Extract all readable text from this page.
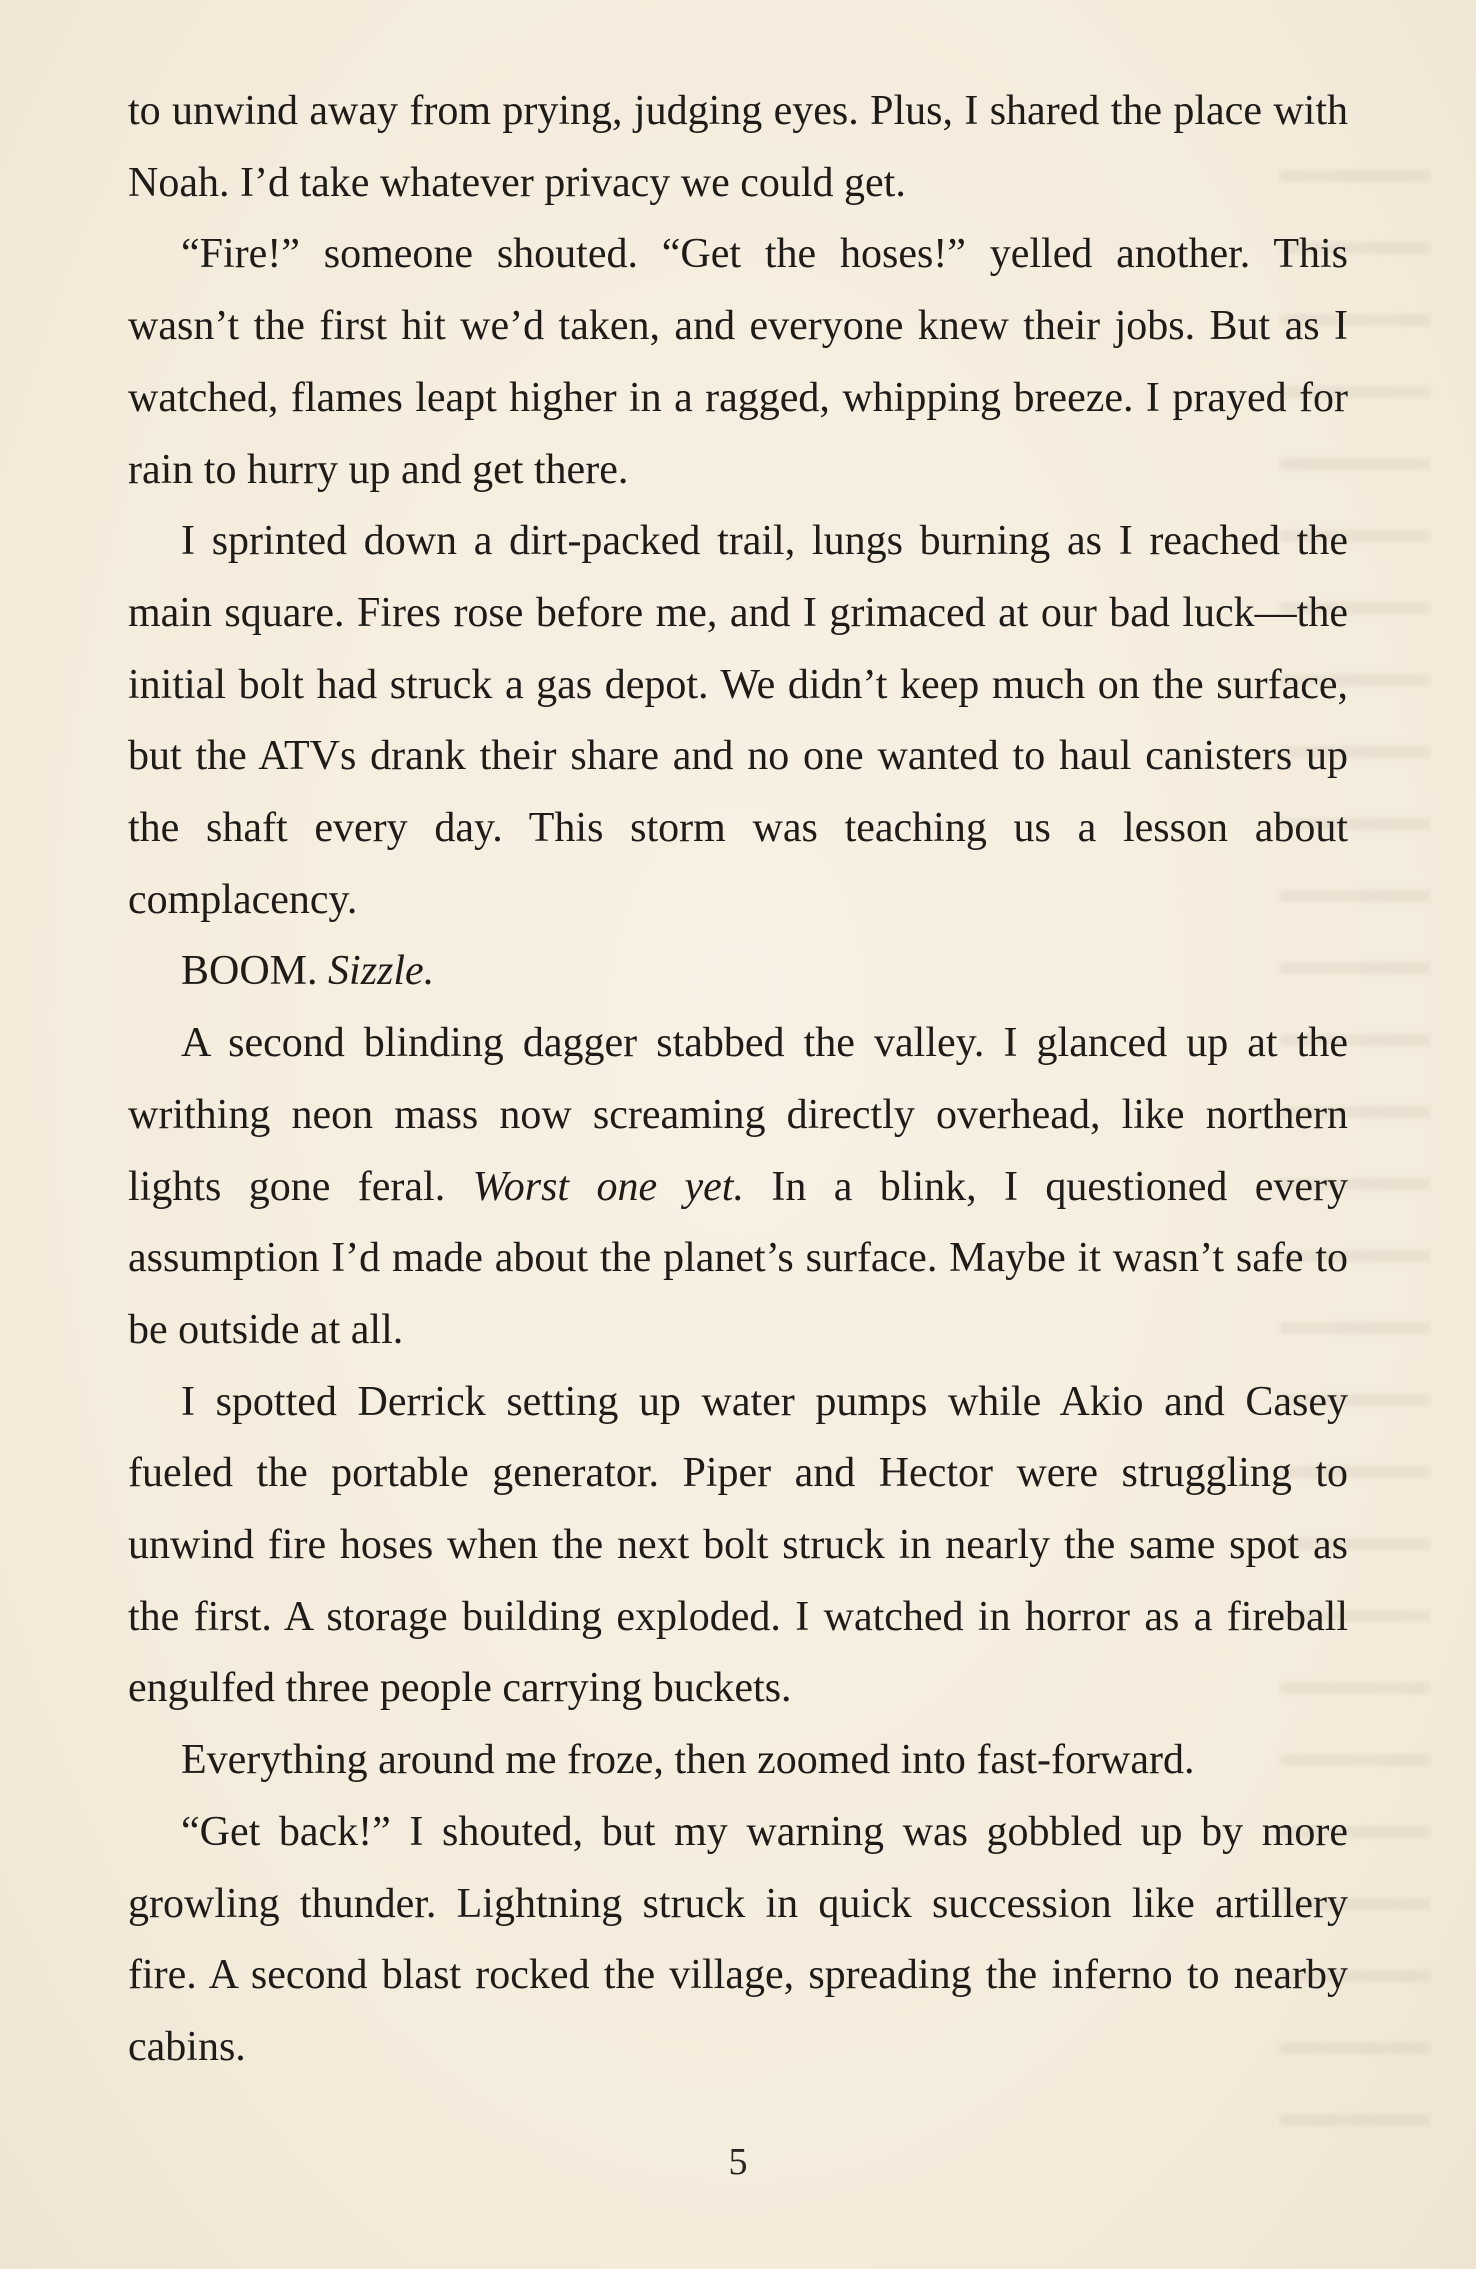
to unwind away from prying, judging eyes. Plus, I shared the place with Noah. I’d take whatever privacy we could get.

“Fire!” someone shouted. “Get the hoses!” yelled another. This wasn’t the first hit we’d taken, and everyone knew their jobs. But as I watched, flames leapt higher in a ragged, whipping breeze. I prayed for rain to hurry up and get there.

I sprinted down a dirt-packed trail, lungs burning as I reached the main square. Fires rose before me, and I grimaced at our bad luck—the initial bolt had struck a gas depot. We didn’t keep much on the surface, but the ATVs drank their share and no one wanted to haul canisters up the shaft every day. This storm was teaching us a lesson about complacency.

BOOM. Sizzle.

A second blinding dagger stabbed the valley. I glanced up at the writhing neon mass now screaming directly overhead, like northern lights gone feral. Worst one yet. In a blink, I questioned every assumption I’d made about the planet’s surface. Maybe it wasn’t safe to be outside at all.

I spotted Derrick setting up water pumps while Akio and Casey fueled the portable generator. Piper and Hector were struggling to unwind fire hoses when the next bolt struck in nearly the same spot as the first. A storage building exploded. I watched in horror as a fireball engulfed three people carrying buckets.

Everything around me froze, then zoomed into fast-forward.

“Get back!” I shouted, but my warning was gobbled up by more growling thunder. Lightning struck in quick succession like artillery fire. A second blast rocked the village, spreading the inferno to nearby cabins.

5
